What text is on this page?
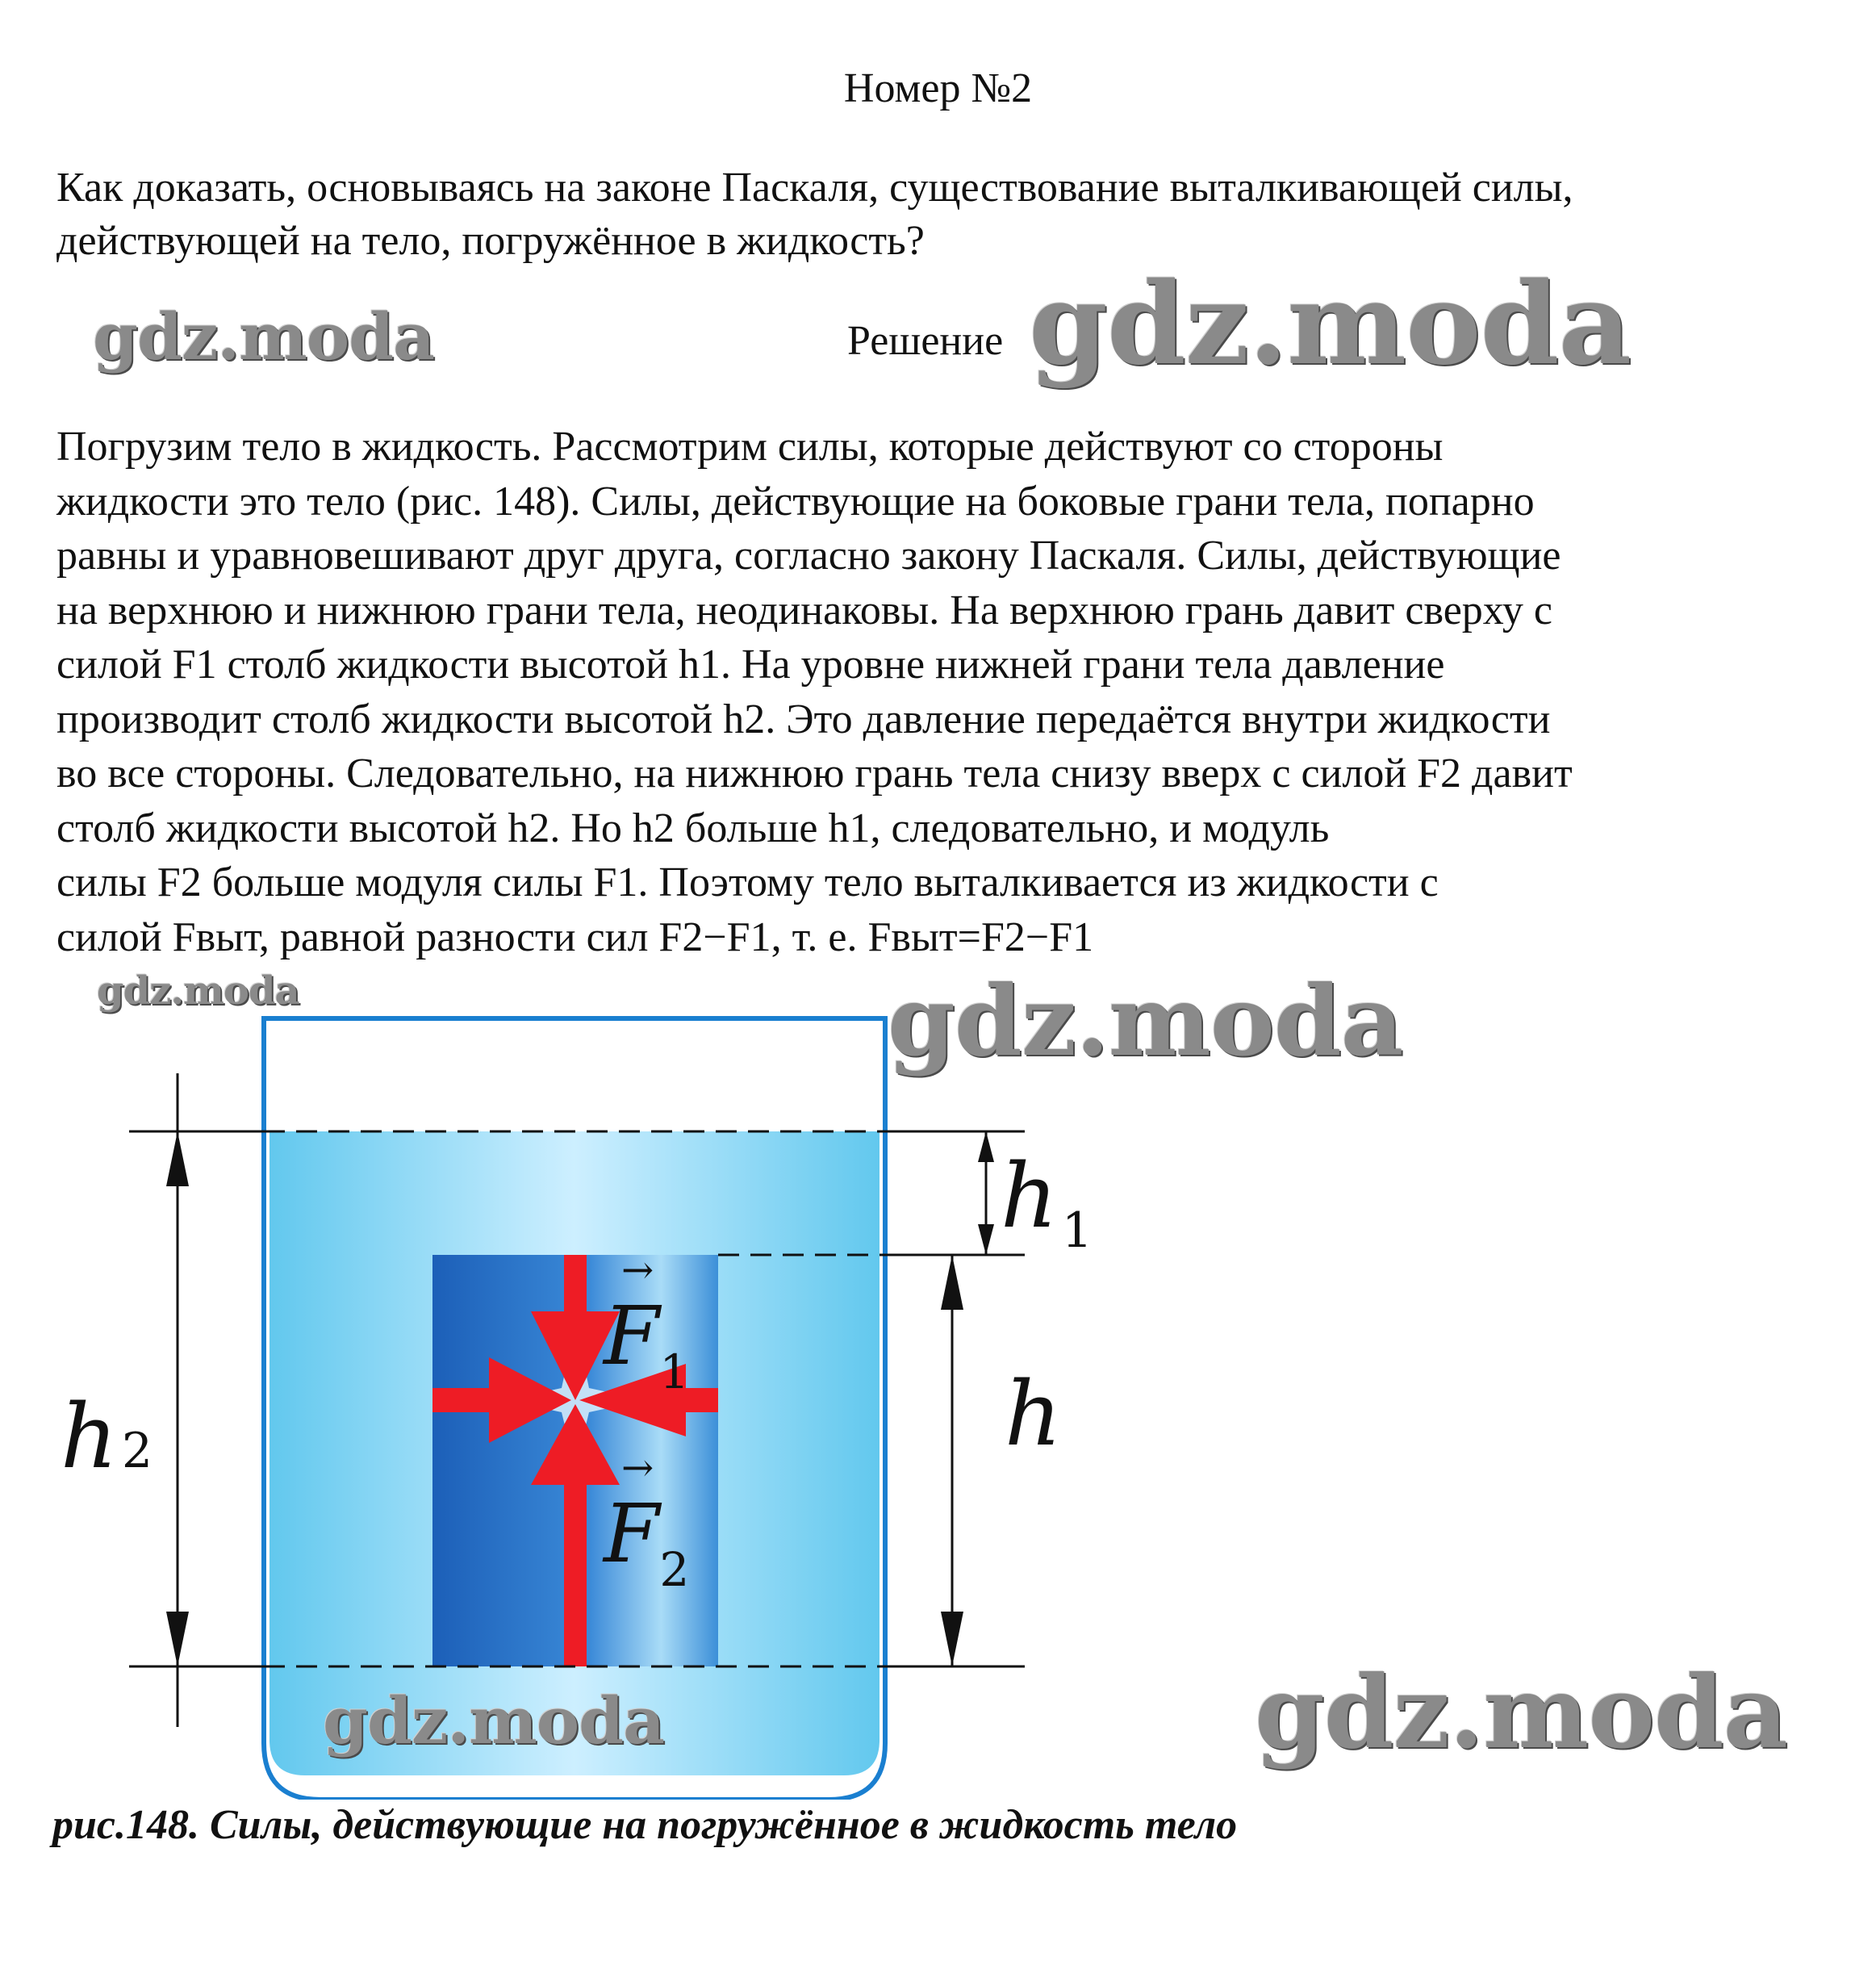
Номер №2
Как доказать, основываясь на законе Паскаля, существование выталкивающей силы,
действующей на тело, погружённое в жидкость?
gdz.moda	Решение gdz.moda
Погрузим тело в жидкость. Рассмотрим силы, которые действуют со стороны
жидкости это тело (рис. 148). Силы, действующие на боковые грани тела, попарно
равны и уравновешивают друг друга, согласно закону Паскаля. Силы, действующие
на верхнюю и нижнюю грани тела, неодинаковы. На верхнюю грань давит сверху с
силой F1 столб жидкости высотой h1. На уровне нижней грани тела давление
производит столб жидкости высотой h2. Это давление передаётся внутри жидкости
во все стороны. Следовательно, на нижнюю грань тела снизу вверх с силой F2 давит
столб жидкости высотой h2. Но h2 больше h1, следовательно, и модуль
силы F2 больше модуля силы F1. Поэтому тело выталкивается из жидкости с
силой Fвыт, равной разности сил F2−F1, т. е. Fвыт=F2−F1
gdz.moda
h2
$h_1$
h
→
$F_1$
→
$F_2$
gdz.moda
gdz.moda	gdz.moda
рис.148. Силы, действующие на погружённое в жидкость тело
